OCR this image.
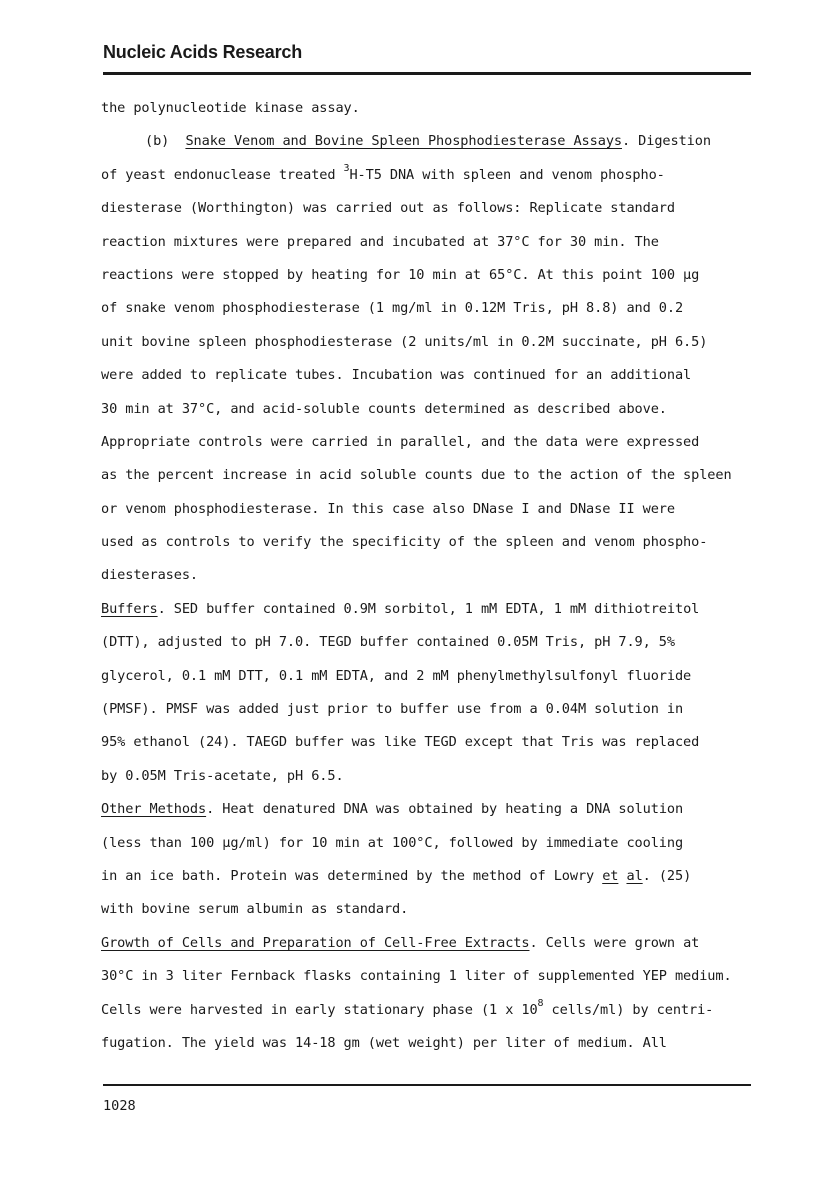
Nucleic Acids Research
the polynucleotide kinase assay.
(b) Snake Venom and Bovine Spleen Phosphodiesterase Assays. Digestion
of yeast endonuclease treated $^3$H-T5 DNA with spleen and venom phospho-
diesterase (Worthington) was carried out as follows: Replicate standard
reaction mixtures were prepared and incubated at 37°C for 30 min. The
reactions were stopped by heating for 10 min at 65°C. At this point 100 µg
of snake venom phosphodiesterase (1 mg/ml in 0.12M Tris, pH 8.8) and 0.2
unit bovine spleen phosphodiesterase (2 units/ml in 0.2M succinate, pH 6.5)
were added to replicate tubes. Incubation was continued for an additional
30 min at 37°C, and acid-soluble counts determined as described above.
Appropriate controls were carried in parallel, and the data were expressed
as the percent increase in acid soluble counts due to the action of the spleen
or venom phosphodiesterase. In this case also DNase I and DNase II were
used as controls to verify the specificity of the spleen and venom phospho-
diesterases.
Buffers. SED buffer contained 0.9M sorbitol, 1 mM EDTA, 1 mM dithiotreitol
(DTT), adjusted to pH 7.0. TEGD buffer contained 0.05M Tris, pH 7.9, 5%
glycerol, 0.1 mM DTT, 0.1 mM EDTA, and 2 mM phenylmethylsulfonyl fluoride
(PMSF). PMSF was added just prior to buffer use from a 0.04M solution in
95% ethanol (24). TAEGD buffer was like TEGD except that Tris was replaced
by 0.05M Tris-acetate, pH 6.5.
Other Methods. Heat denatured DNA was obtained by heating a DNA solution
(less than 100 µg/ml) for 10 min at 100°C, followed by immediate cooling
in an ice bath. Protein was determined by the method of Lowry et al. (25)
with bovine serum albumin as standard.
Growth of Cells and Preparation of Cell-Free Extracts. Cells were grown at
30°C in 3 liter Fernback flasks containing 1 liter of supplemented YEP medium.
Cells were harvested in early stationary phase (1 x $10^8$ cells/ml) by centri-
fugation. The yield was 14-18 gm (wet weight) per liter of medium. All

1028
